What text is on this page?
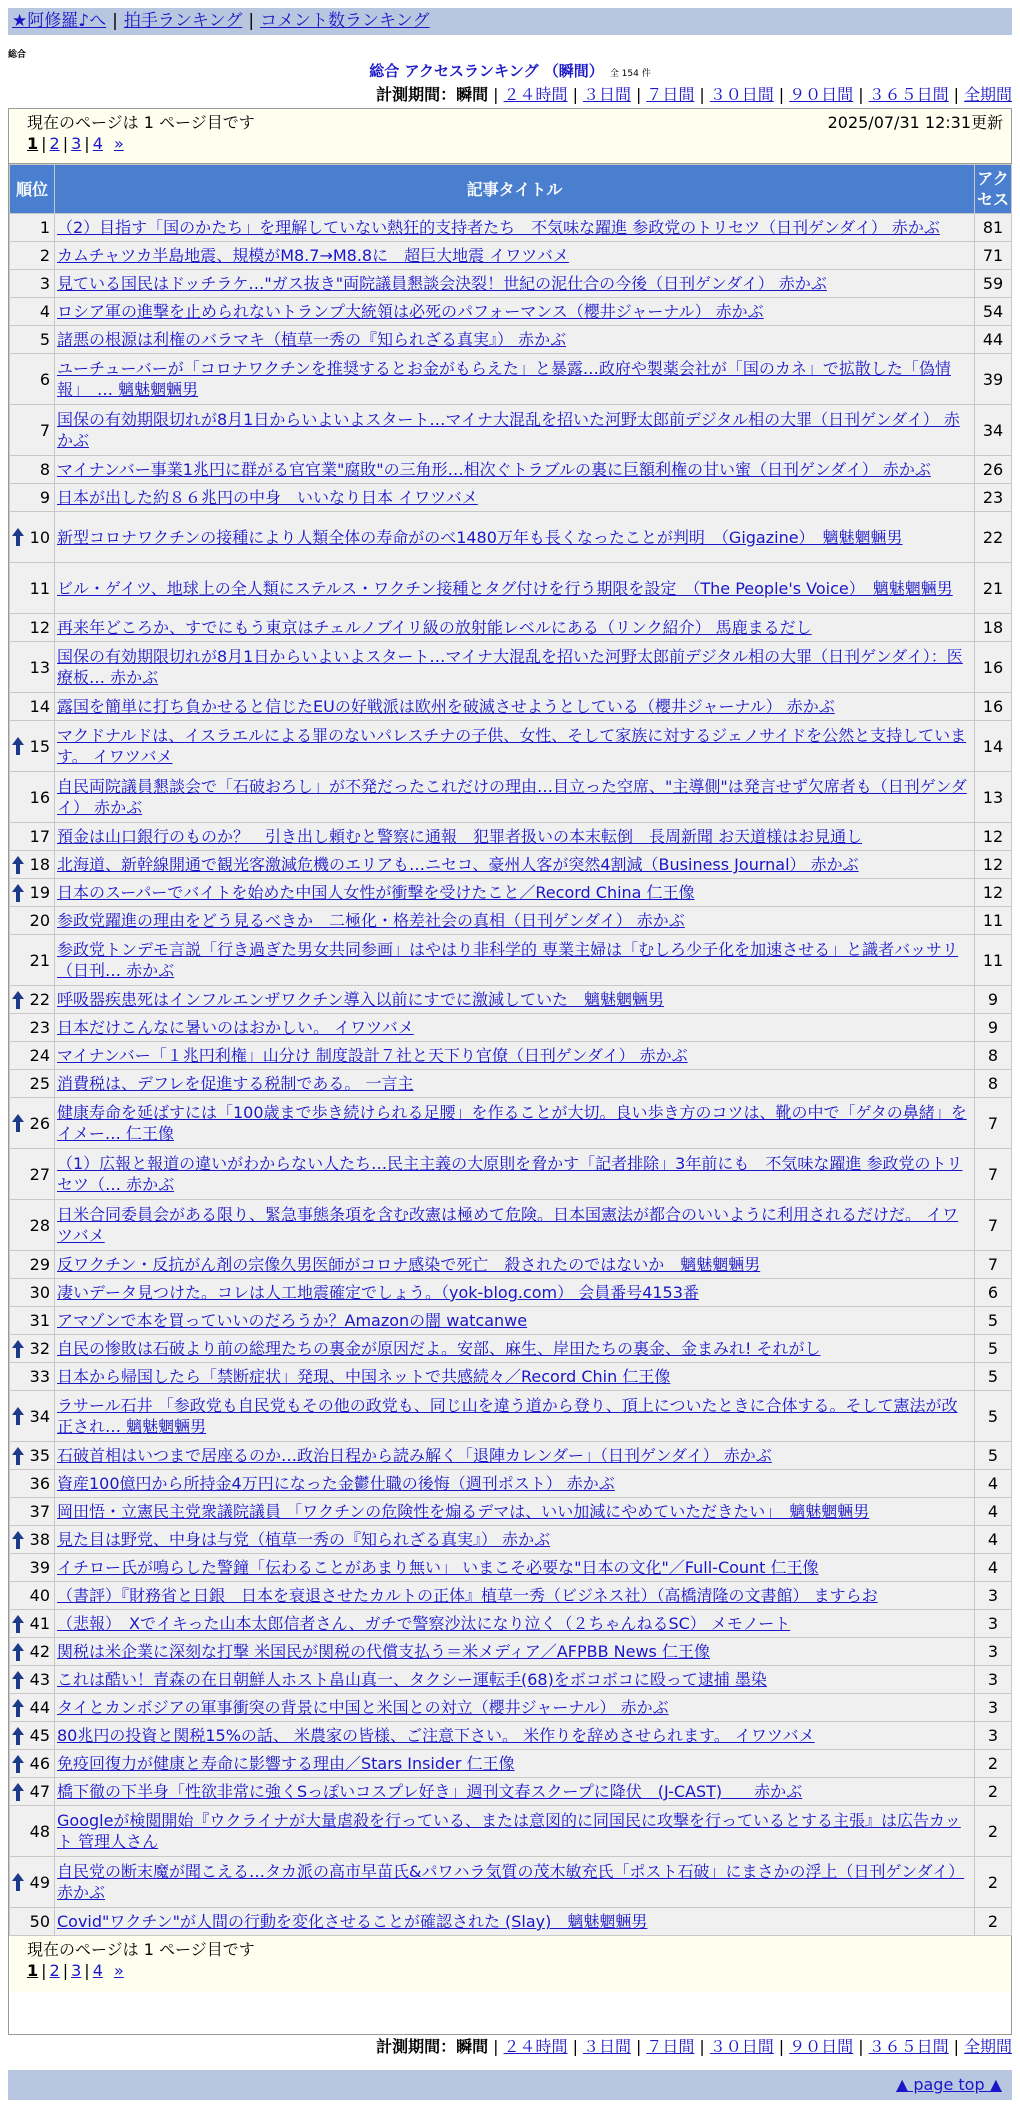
★阿修羅♪へ | 拍手ランキング | コメント数ランキング
総合
総合 アクセスランキング （瞬間） 全 154 件
計測期間：瞬間 | ２４時間 | ３日間 | ７日間 | ３０日間 | ９０日間 | ３６５日間 | 全期間
現在のページは 1 ページ目です	2025/07/31 12:31更新
1 | 2 | 3 | 4 »
順位	記事タイトル	アクセス
1	（2）目指す「国のかたち」を理解していない熱狂的支持者たち　不気味な躍進 参政党のトリセツ（日刊ゲンダイ） 赤かぶ	81
2	カムチャツカ半島地震、規模がM8.7→M8.8に　超巨大地震 イワツバメ	71
3	見ている国民はドッチラケ…"ガス抜き"両院議員懇談会決裂！世紀の泥仕合の今後（日刊ゲンダイ） 赤かぶ	59
4	ロシア軍の進撃を止められないトランプ大統領は必死のパフォーマンス（櫻井ジャーナル） 赤かぶ	54
5	諸悪の根源は利権のバラマキ（植草一秀の『知られざる真実』） 赤かぶ	44
6	ユーチューバーが「コロナワクチンを推奨するとお金がもらえた」と暴露…政府や製薬会社が「国のカネ」で拡散した「偽情報」　… 魑魅魍魎男	39
7	国保の有効期限切れが8月1日からいよいよスタート…マイナ大混乱を招いた河野太郎前デジタル相の大罪（日刊ゲンダイ） 赤かぶ	34
8	マイナンバー事業1兆円に群がる官官業"腐敗"の三角形…相次ぐトラブルの裏に巨額利権の甘い蜜（日刊ゲンダイ） 赤かぶ	26
9	日本が出した約８６兆円の中身　いいなり日本 イワツバメ	23

10	新型コロナワクチンの接種により人類全体の寿命がのべ1480万年も長くなったことが判明　（Gigazine）　魑魅魍魎男	22
11	ビル・ゲイツ、地球上の全人類にステルス・ワクチン接種とタグ付けを行う期限を設定　（The People's Voice）　魑魅魍魎男	21
12	再来年どころか、すでにもう東京はチェルノブイリ級の放射能レベルにある（リンク紹介） 馬鹿まるだし	18
13	国保の有効期限切れが8月1日からいよいよスタート…マイナ大混乱を招いた河野太郎前デジタル相の大罪（日刊ゲンダイ）：医療板… 赤かぶ	16
14	露国を簡単に打ち負かせると信じたEUの好戦派は欧州を破滅させようとしている（櫻井ジャーナル） 赤かぶ	16

15	マクドナルドは、イスラエルによる罪のないパレスチナの子供、女性、そして家族に対するジェノサイドを公然と支持しています。 イワツバメ	14
16	自民両院議員懇談会で「石破おろし」が不発だったこれだけの理由…目立った空席、"主導側"は発言せず欠席者も（日刊ゲンダイ） 赤かぶ	13
17	預金は山口銀行のものか？　引き出し頼むと警察に通報　犯罪者扱いの本末転倒　長周新聞 お天道様はお見通し	12

18	北海道、新幹線開通で観光客激減危機のエリアも…ニセコ、豪州人客が突然4割減（Business Journal） 赤かぶ	12

19	日本のスーパーでバイトを始めた中国人女性が衝撃を受けたこと／Record China 仁王像	12
20	参政党躍進の理由をどう見るべきか　二極化・格差社会の真相（日刊ゲンダイ） 赤かぶ	11
21	参政党トンデモ言説「行き過ぎた男女共同参画」はやはり非科学的 専業主婦は「むしろ少子化を加速させる」と識者バッサリ（日刊… 赤かぶ	11

22	呼吸器疾患死はインフルエンザワクチン導入以前にすでに激減していた　魑魅魍魎男	9
23	日本だけこんなに暑いのはおかしい。 イワツバメ	9
24	マイナンバー「１兆円利権」山分け 制度設計７社と天下り官僚（日刊ゲンダイ） 赤かぶ	8
25	消費税は、デフレを促進する税制である。 一言主	8

26	健康寿命を延ばすには「100歳まで歩き続けられる足腰」を作ることが大切。良い歩き方のコツは、靴の中で「ゲタの鼻緒」をイメー… 仁王像	7
27	（1）広報と報道の違いがわからない人たち…民主主義の大原則を脅かす「記者排除」3年前にも　不気味な躍進 参政党のトリセツ（… 赤かぶ	7
28	日米合同委員会がある限り、緊急事態条項を含む改憲は極めて危険。日本国憲法が都合のいいように利用されるだけだ。 イワツバメ	7
29	反ワクチン・反抗がん剤の宗像久男医師がコロナ感染で死亡　殺されたのではないか　魑魅魍魎男	7
30	凄いデータ見つけた。コレは人工地震確定でしょう。（yok-blog.com） 会員番号4153番	6
31	アマゾンで本を買っていいのだろうか？Amazonの闇 watcanwe	5

32	自民の惨敗は石破より前の総理たちの裏金が原因だよ。安部、麻生、岸田たちの裏金、金まみれ! それがし	5
33	日本から帰国したら「禁断症状」発現、中国ネットで共感続々／Record Chin 仁王像	5

34	ラサール石井 「参政党も自民党もその他の政党も、同じ山を違う道から登り、頂上についたときに合体する。そして憲法が改正され… 魑魅魍魎男	5

35	石破首相はいつまで居座るのか…政治日程から読み解く「退陣カレンダー」（日刊ゲンダイ） 赤かぶ	5
36	資産100億円から所持金4万円になった金鬱仕職の後悔（週刊ポスト） 赤かぶ	4
37	岡田悟・立憲民主党衆議院議員 「ワクチンの危険性を煽るデマは、いい加減にやめていただきたい」　魑魅魍魎男	4

38	見た目は野党、中身は与党（植草一秀の『知られざる真実』） 赤かぶ	4
39	イチロー氏が鳴らした警鐘「伝わることがあまり無い」 いまこそ必要な"日本の文化"／Full-Count 仁王像	4
40	（書評）『財務省と日銀　日本を衰退させたカルトの正体』植草一秀（ビジネス社）（高橋清隆の文書館） ますらお	3

41	（悲報）　Xでイキった山本太郎信者さん、ガチで警察沙汰になり泣く（２ちゃんねるSC） メモノート	3

42	関税は米企業に深刻な打撃 米国民が関税の代償支払う＝米メディア／AFPBB News 仁王像	3

43	これは酷い！青森の在日朝鮮人ホスト畠山真一、タクシー運転手(68)をボコボコに殴って逮捕 墨染	3

44	タイとカンボジアの軍事衝突の背景に中国と米国との対立（櫻井ジャーナル） 赤かぶ	3

45	80兆円の投資と関税15%の話、 米農家の皆様、ご注意下さい。 米作りを辞めさせられます。 イワツバメ	3

46	免疫回復力が健康と寿命に影響する理由／Stars Insider 仁王像	2

47	橋下徹の下半身「性欲非常に強くSっぽいコスプレ好き」週刊文春スクープに降伏　(J-CAST)　　赤かぶ	2
48	Googleが検閲開始『ウクライナが大量虐殺を行っている、または意図的に同国民に攻撃を行っているとする主張』は広告カット 管理人さん	2

49	自民党の断末魔が聞こえる…タカ派の高市早苗氏&パワハラ気質の茂木敏充氏「ポスト石破」にまさかの浮上（日刊ゲンダイ） 赤かぶ	2
50	Covid"ワクチン"が人間の行動を変化させることが確認された (Slay)　魑魅魍魎男	2
現在のページは 1 ページ目です
1 | 2 | 3 | 4 »
計測期間：瞬間 | ２４時間 | ３日間 | ７日間 | ３０日間 | ９０日間 | ３６５日間 | 全期間
▲ page top ▲
